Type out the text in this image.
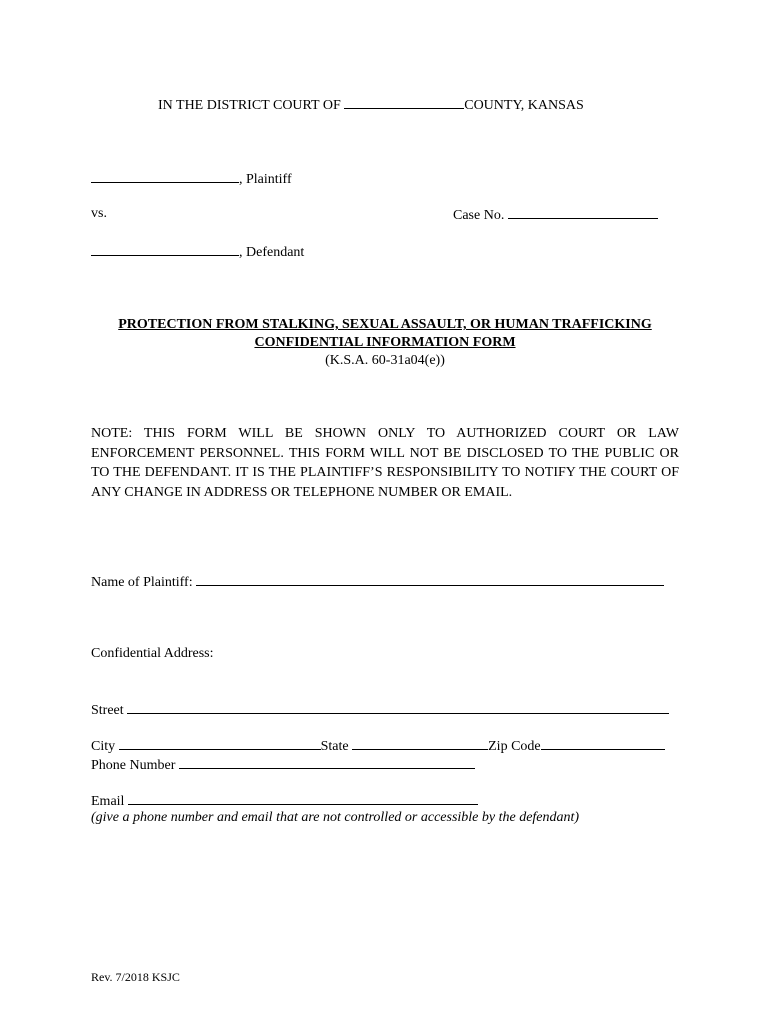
IN THE DISTRICT COURT OF	COUNTY, KANSAS
, Plaintiff
vs.	Case No.
, Defendant
PROTECTION FROM STALKING, SEXUAL ASSAULT, OR HUMAN TRAFFICKING
CONFIDENTIAL INFORMATION FORM
(K.S.A. 60-31a04(e))
NOTE: THIS FORM WILL BE SHOWN ONLY TO AUTHORIZED COURT OR LAW ENFORCEMENT PERSONNEL. THIS FORM WILL NOT BE DISCLOSED TO THE PUBLIC OR TO THE DEFENDANT. IT IS THE PLAINTIFF’S RESPONSIBILITY TO NOTIFY THE COURT OF ANY CHANGE IN ADDRESS OR TELEPHONE NUMBER OR EMAIL.
Name of Plaintiff:
Confidential Address:
Street
City	State	Zip Code
Phone Number
Email
(give a phone number and email that are not controlled or accessible by the defendant)
Rev. 7/2018 KSJC
